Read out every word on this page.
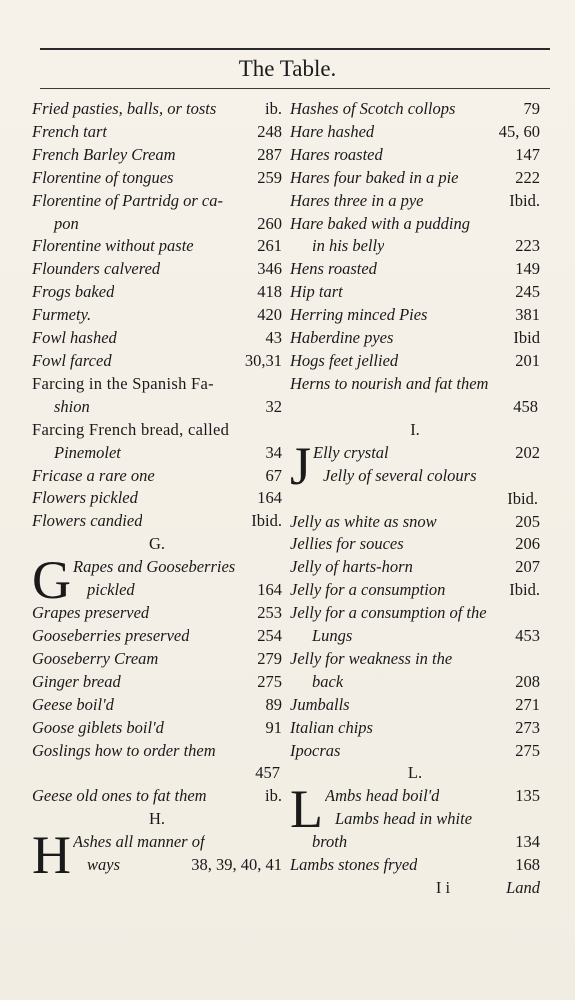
The Table.
Fried pasties, balls, or tosts	ib.
French tart	248
French Barley Cream	287
Florentine of tongues	259
Florentine of Partridg or ca-
pon	260
Florentine without paste	261
Flounders calvered	346
Frogs baked	418
Furmety.	420
Fowl hashed	43
Fowl farced	30,31
Farcing in the Spanish Fa-
shion	32
Farcing French bread, called
Pinemolet	34
Fricase a rare one	67
Flowers pickled	164
Flowers candied	Ibid.
G.
G Rapes and Gooseberries
pickled	164
Grapes preserved	253
Gooseberries preserved	254
Gooseberry Cream	279
Ginger bread	275
Geese boil'd	89
Goose giblets boil'd	91
Goslings how to order them
457
Geese old ones to fat them	ib.
H.
H Ashes all manner of
ways	38, 39, 40, 41
Hashes of Scotch collops	79
Hare hashed	45, 60
Hares roasted	147
Hares four baked in a pie	222
Hares three in a pye	Ibid.
Hare baked with a pudding
in his belly	223
Hens roasted	149
Hip tart	245
Herring minced Pies	381
Haberdine pyes	Ibid
Hogs feet jellied	201
Herns to nourish and fat them
458
I.
J Elly crystal	202
Jelly of several colours
Ibid.
Jelly as white as snow	205
Jellies for souces	206
Jelly of harts-horn	207
Jelly for a consumption	Ibid.
Jelly for a consumption of the
Lungs	453
Jelly for weakness in the
back	208
Jumballs	271
Italian chips	273
Ipocras	275
L.
L Ambs head boil'd	135
Lambs head in white
broth	134
Lambs stones fryed	168
I i	Land
